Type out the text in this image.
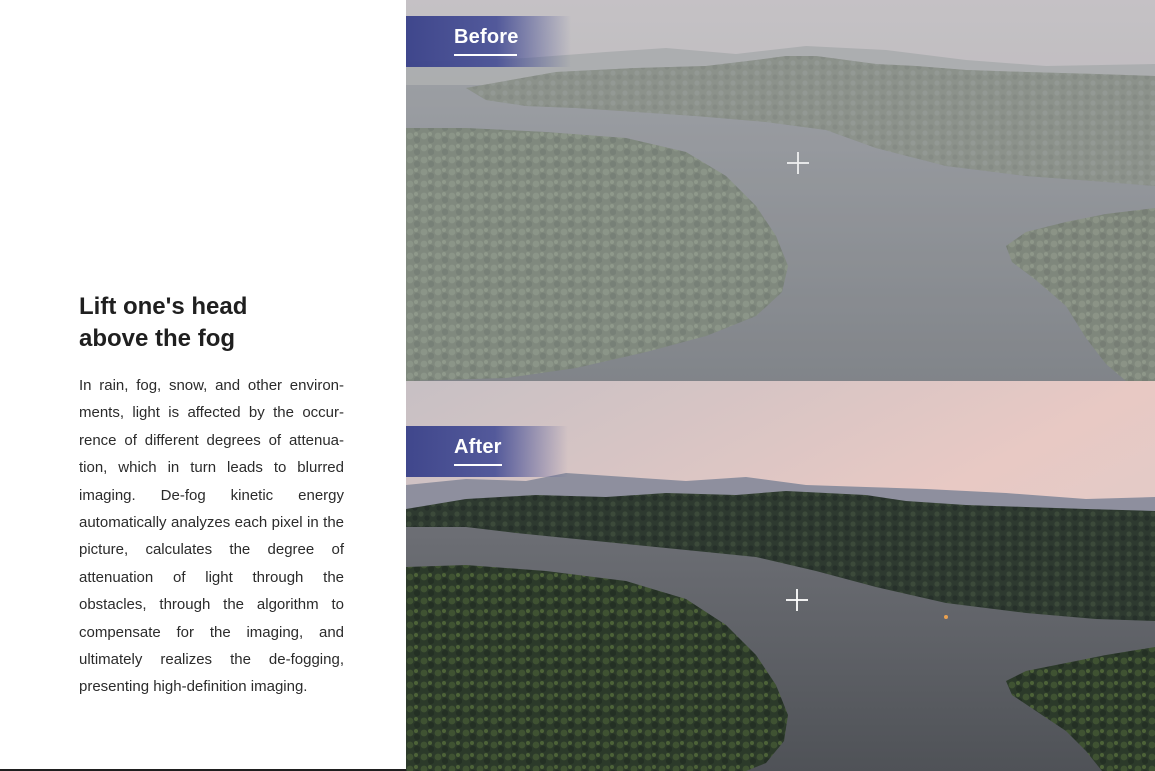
Lift one's head
above the fog

In rain, fog, snow, and other environ-ments, light is affected by the occur-rence of different degrees of attenua-tion, which in turn leads to blurred imaging. De-fog kinetic energy automatically analyzes each pixel in the picture, calculates the degree of attenuation of light through the obstacles, through the algorithm to compensate for the imaging, and ultimately realizes the de-fogging, presenting high-definition imaging.

Before
After
